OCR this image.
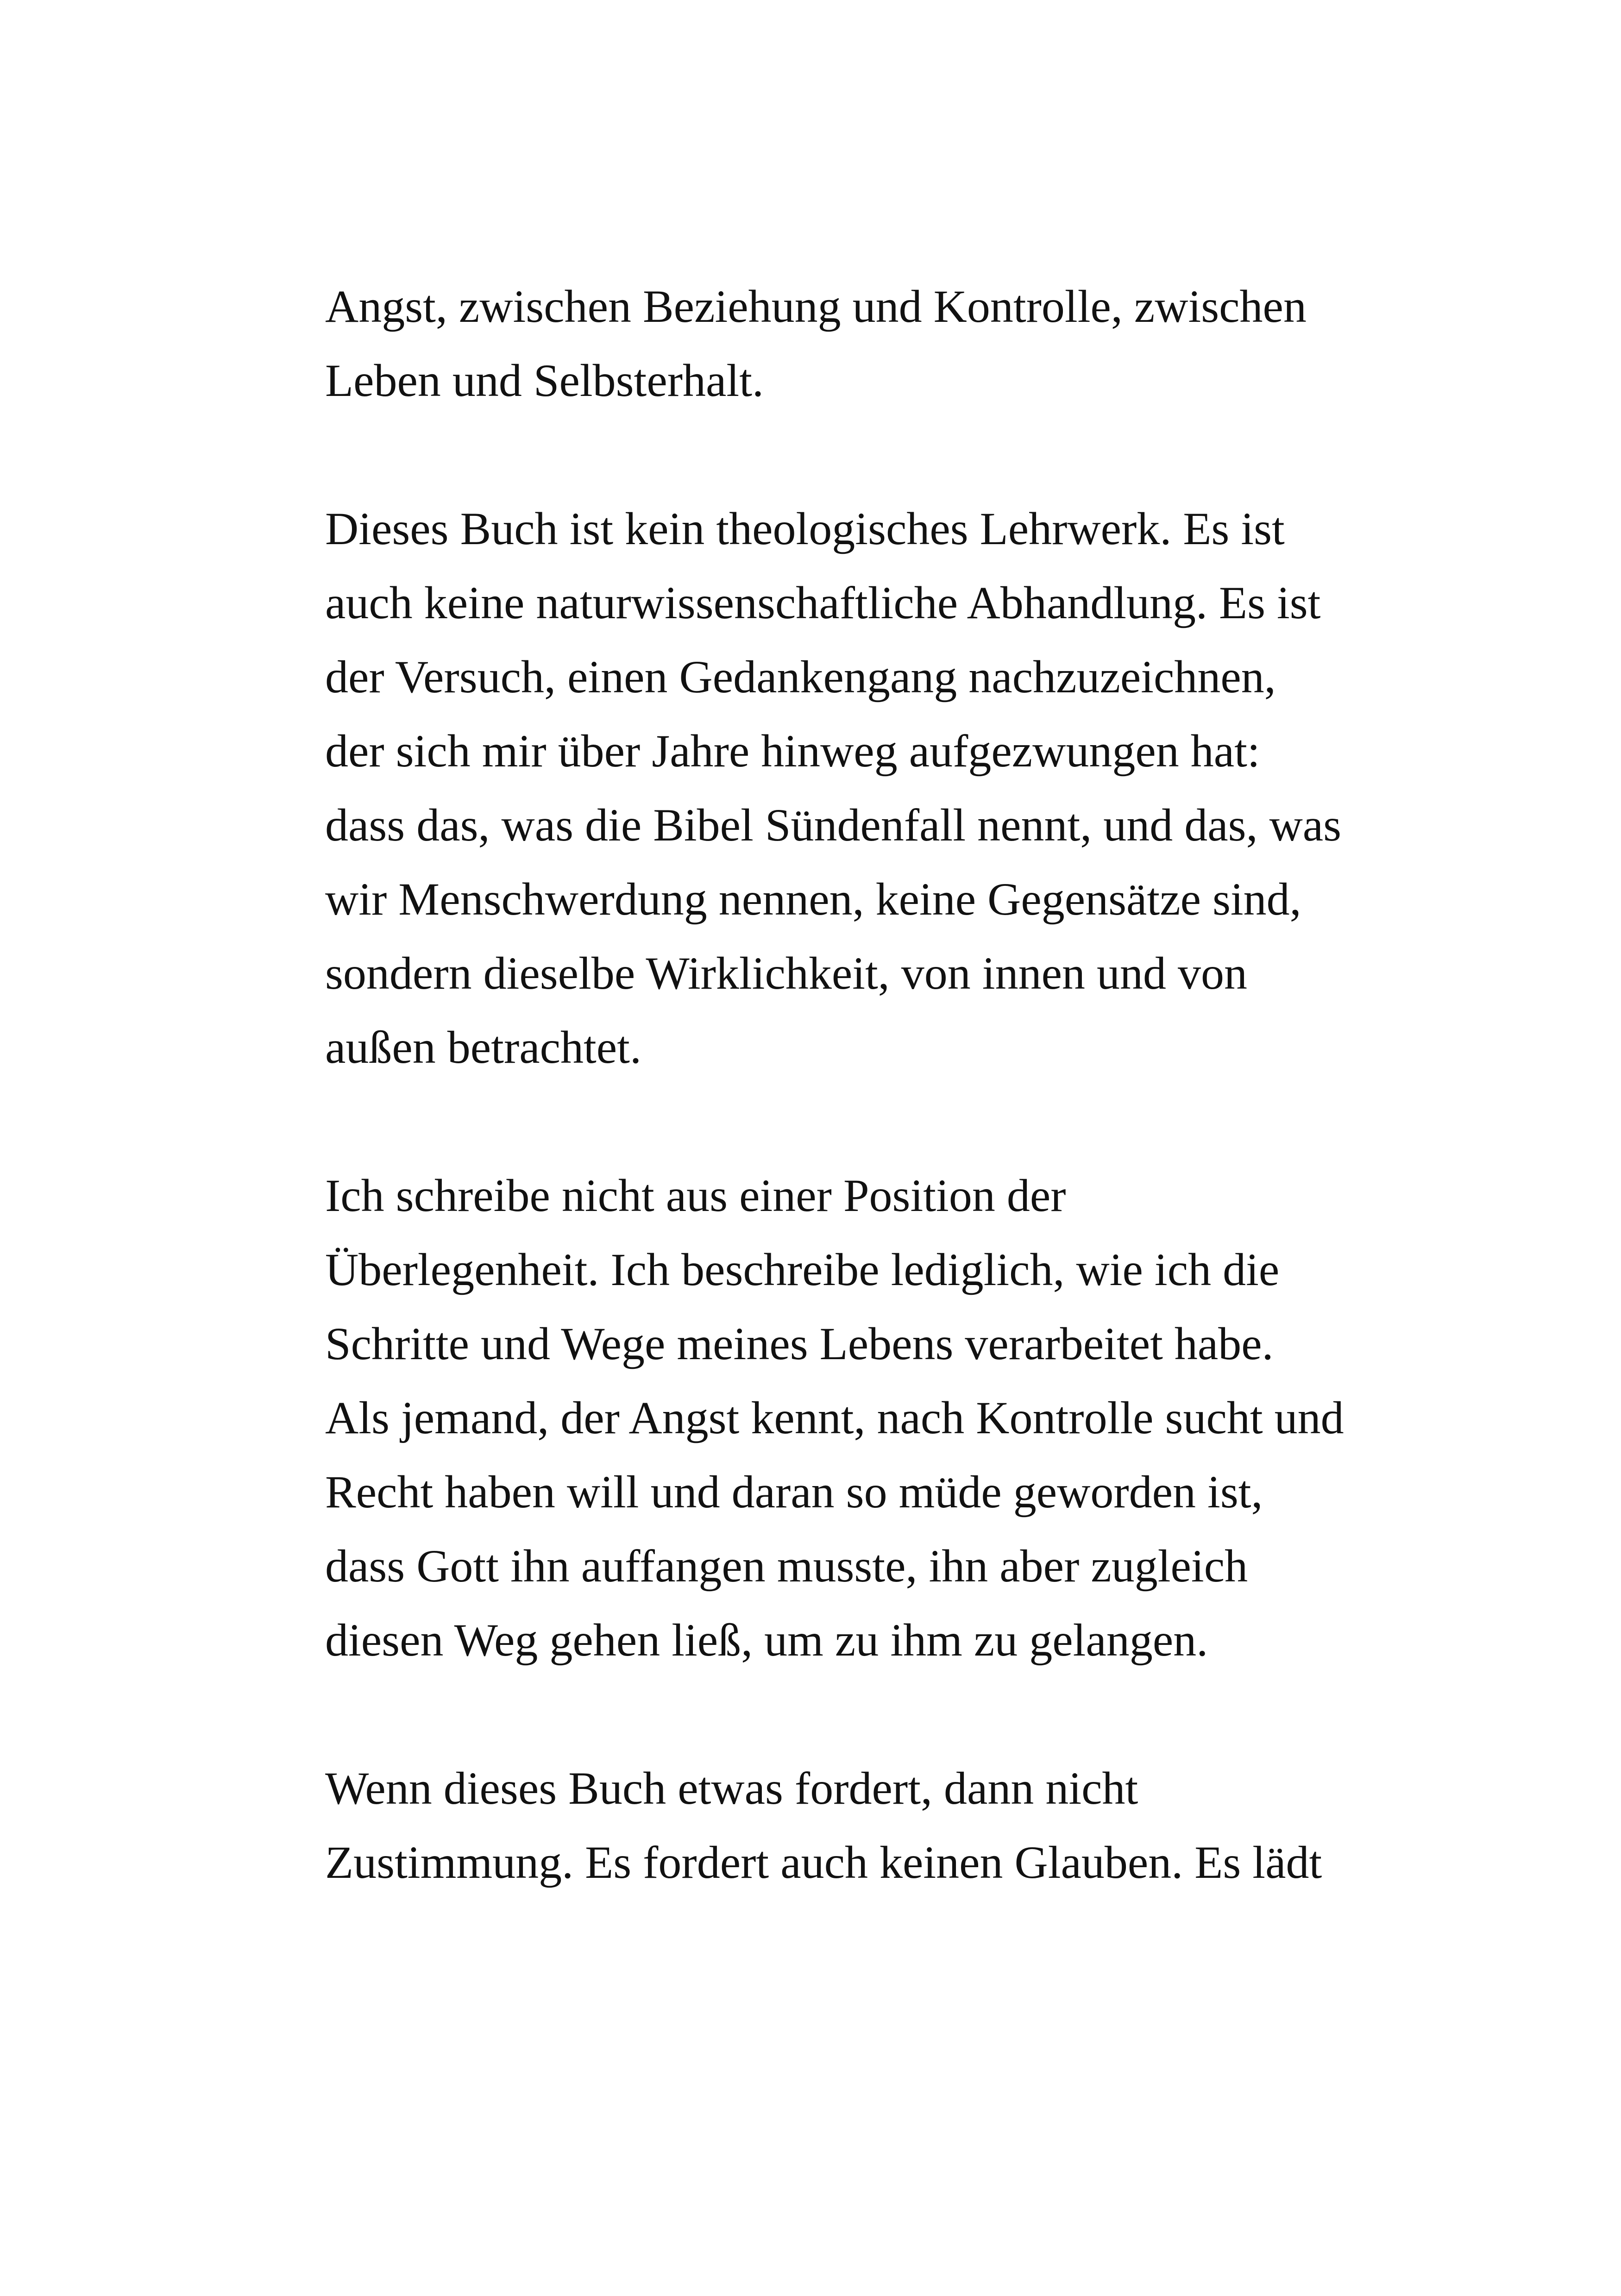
Angst, zwischen Beziehung und Kontrolle, zwischen
Leben und Selbsterhalt.

Dieses Buch ist kein theologisches Lehrwerk. Es ist
auch keine naturwissenschaftliche Abhandlung. Es ist
der Versuch, einen Gedankengang nachzuzeichnen,
der sich mir über Jahre hinweg aufgezwungen hat:
dass das, was die Bibel Sündenfall nennt, und das, was
wir Menschwerdung nennen, keine Gegensätze sind,
sondern dieselbe Wirklichkeit, von innen und von
außen betrachtet.

Ich schreibe nicht aus einer Position der
Überlegenheit. Ich beschreibe lediglich, wie ich die
Schritte und Wege meines Lebens verarbeitet habe.
Als jemand, der Angst kennt, nach Kontrolle sucht und
Recht haben will und daran so müde geworden ist,
dass Gott ihn auffangen musste, ihn aber zugleich
diesen Weg gehen ließ, um zu ihm zu gelangen.

Wenn dieses Buch etwas fordert, dann nicht
Zustimmung. Es fordert auch keinen Glauben. Es lädt
